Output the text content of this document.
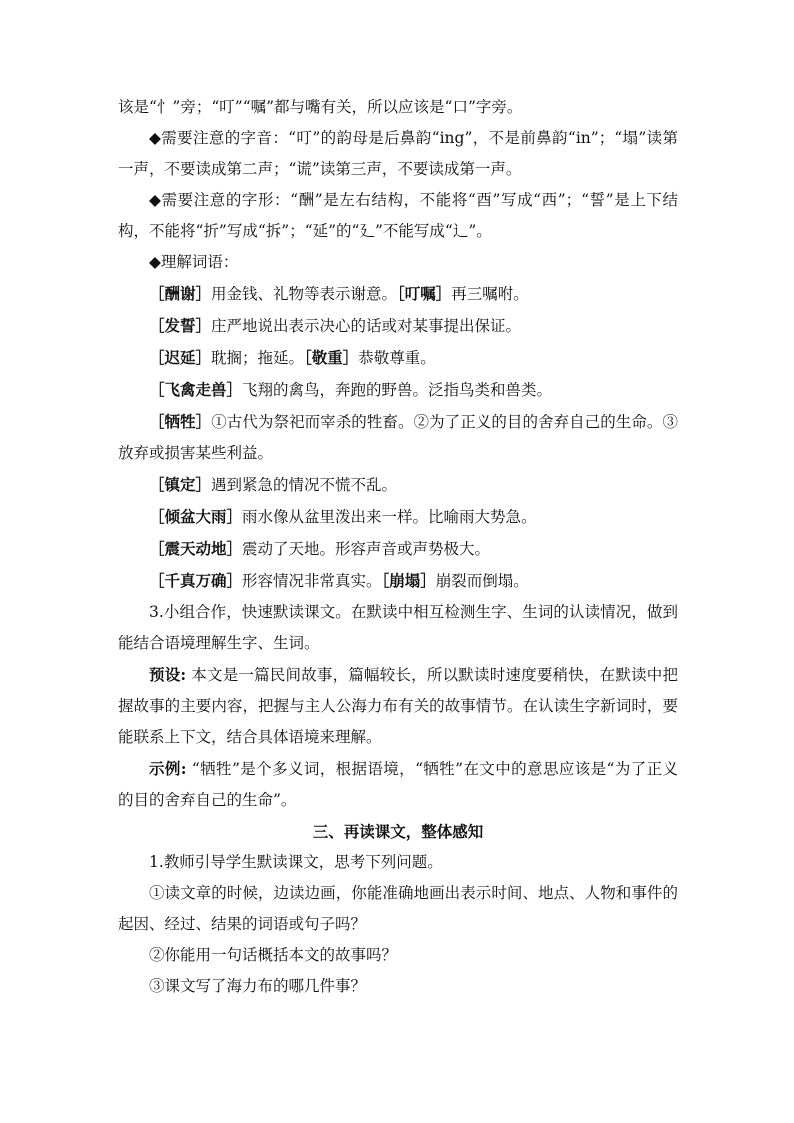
该是“忄”旁；“叮”“嘱”都与嘴有关，所以应该是“口”字旁。

◆需要注意的字音：“叮”的韵母是后鼻韵“ing”，不是前鼻韵“in”；“塌”读第一声，不要读成第二声；“谎”读第三声，不要读成第一声。

◆需要注意的字形：“酬”是左右结构，不能将“酉”写成“西”；“誓”是上下结构，不能将“折”写成“拆”；“延”的“廴”不能写成“辶”。

◆理解词语：

［酬谢］用金钱、礼物等表示谢意。［叮嘱］再三嘱咐。

［发誓］庄严地说出表示决心的话或对某事提出保证。

［迟延］耽搁；拖延。［敬重］恭敬尊重。

［飞禽走兽］飞翔的禽鸟，奔跑的野兽。泛指鸟类和兽类。

［牺牲］①古代为祭祀而宰杀的牲畜。②为了正义的目的舍弃自己的生命。③放弃或损害某些利益。

［镇定］遇到紧急的情况不慌不乱。

［倾盆大雨］雨水像从盆里泼出来一样。比喻雨大势急。

［震天动地］震动了天地。形容声音或声势极大。

［千真万确］形容情况非常真实。［崩塌］崩裂而倒塌。

3.小组合作，快速默读课文。在默读中相互检测生字、生词的认读情况，做到能结合语境理解生字、生词。

预设: 本文是一篇民间故事，篇幅较长，所以默读时速度要稍快，在默读中把握故事的主要内容，把握与主人公海力布有关的故事情节。在认读生字新词时，要能联系上下文，结合具体语境来理解。

示例: “牺牲”是个多义词，根据语境，“牺牲”在文中的意思应该是“为了正义的目的舍弃自己的生命”。

三、再读课文，整体感知

1.教师引导学生默读课文，思考下列问题。

①读文章的时候，边读边画，你能准确地画出表示时间、地点、人物和事件的起因、经过、结果的词语或句子吗？

②你能用一句话概括本文的故事吗？

③课文写了海力布的哪几件事？
